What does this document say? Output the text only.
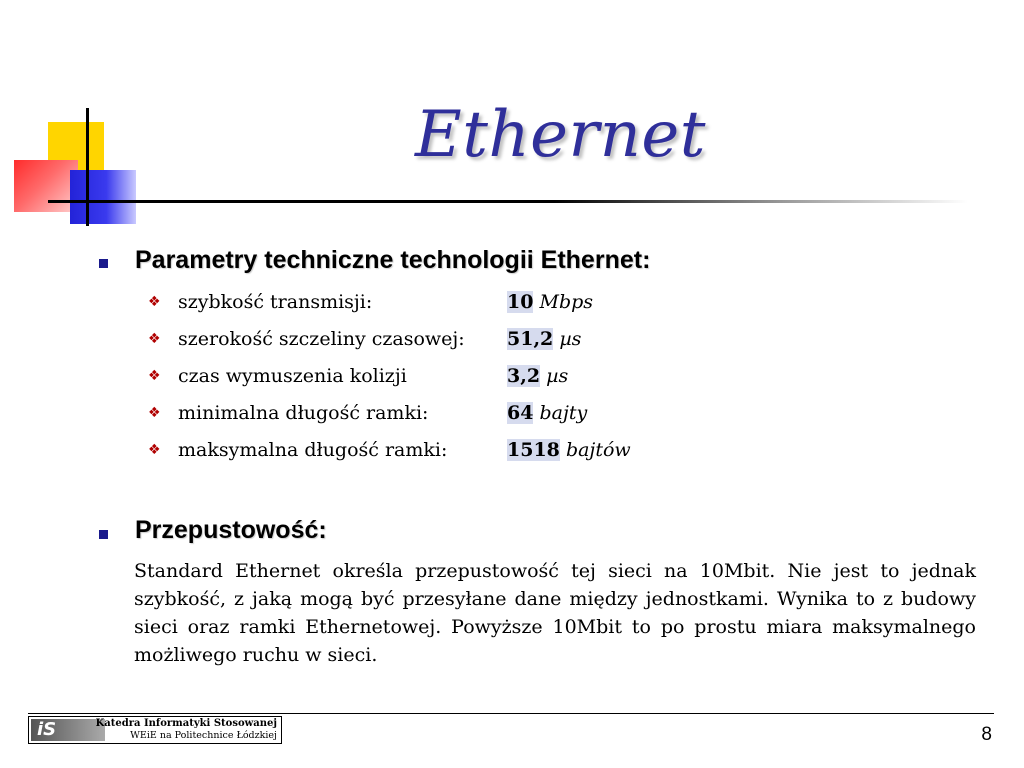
Ethernet
Parametry techniczne technologii Ethernet:
❖ szybkość transmisji:	10 Mbps
❖ szerokość szczeliny czasowej: 51,2 µs
❖ czas wymuszenia kolizji	3,2 µs
❖ minimalna długość ramki:	64 bajty
❖ maksymalna długość ramki:	1518 bajtów
Przepustowość:

Standard Ethernet określa przepustowość tej sieci na 10Mbit. Nie jest to jednak szybkość, z jaką mogą być przesyłane dane między jednostkami. Wynika to z budowy sieci oraz ramki Ethernetowej. Powyższe 10Mbit to po prostu miara maksymalnego możliwego ruchu w sieci.

iS	Katedra Informatyki Stosowanej
WEiE na Politechnice Łódzkiej	8
